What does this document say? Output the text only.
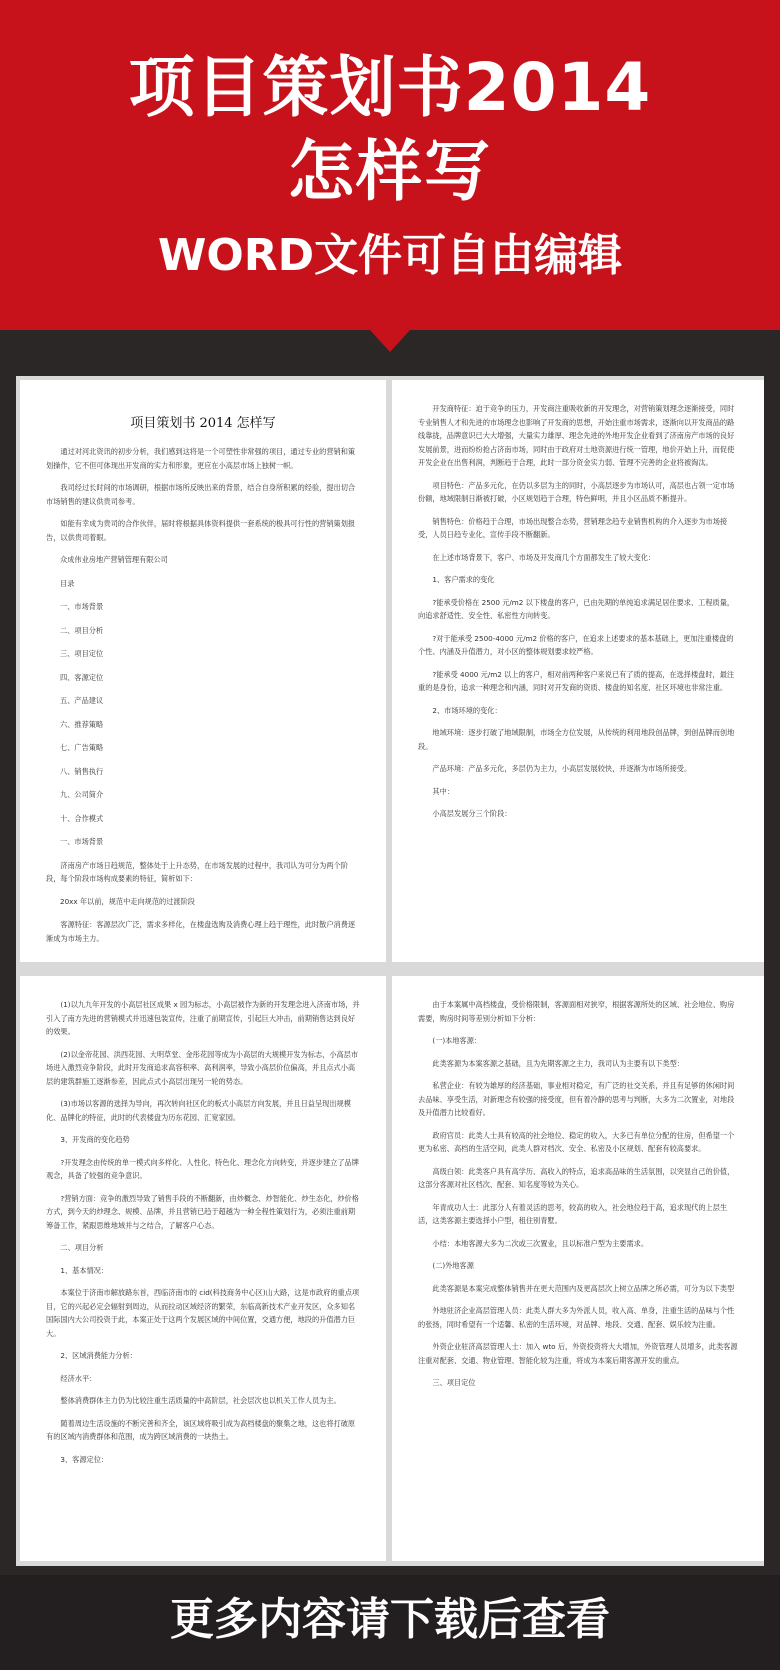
项目策划书2014
怎样写
WORD文件可自由编辑
项目策划书 2014 怎样写

通过对河北资讯的初步分析，我们感到这将是一个可塑性非常强的项目，通过专业的营销和策划操作，它不但可体现出开发商的实力和形象，更应在小高层市场上独树一帜。

我司经过长时间的市场调研，根据市场所反映出来的背景，结合自身所积累的经验，提出切合市场销售的建议供贵司参考。

如能有幸成为贵司的合作伙伴，届时将根据具体资料提供一套系统的极具可行性的营销策划报告，以供贵司着眼。

众成伟业房地产营销管理有限公司
目录
一、市场背景
二、项目分析
三、项目定位
四、客源定位
五、产品建议
六、推荐策略
七、广告策略
八、销售执行
九、公司简介
十、合作模式
一、市场背景

济南房产市场日趋规范，整体处于上升态势，在市场发展的过程中，我司认为可分为两个阶段，每个阶段市场构成要素的特征，简析如下：

20xx 年以前，规范中走向规范的过渡阶段

客源特征：客源层次广泛，需求多样化，在楼盘选购及消费心理上趋于理性，此时散户消费逐渐成为市场主力。

开发商特征：迫于竞争的压力，开发商注重吸收新的开发理念，对营销策划理念逐渐接受，同时专业销售人才和先进的市场理念也影响了开发商的思想，开始注重市场需求，逐渐向以开发商品的路线靠拢，品牌意识已大大增强，大量实力雄厚、理念先进的外地开发企业看到了济南房产市场的良好发展前景，进而纷纷抢占济南市场，同时由于政府对土地资源进行统一管理，地价开始上升，而促使开发企业在出售利润，判断趋于合理，此时一部分资金实力弱、管理不完善的企业将被淘汰。

项目特色：产品多元化，在仍以多层为主的同时，小高层逐步为市场认可，高层也占领一定市场份额，地域限制日渐被打破，小区规划趋于合理，特色鲜明，并且小区品质不断提升。

销售特色：价格趋于合理，市场出现整合态势，营销理念趋专业销售机构的介入逐步为市场接受，人员日趋专业化，宣传手段不断翻新。

在上述市场背景下，客户、市场及开发商几个方面都发生了较大变化：

1、客户需求的变化

?能承受价格在 2500 元/m2 以下楼盘的客户，已由先期的单纯追求满足居住要求、工程质量，向追求舒适性、安全性、私密性方向转变。

?对于能承受 2500-4000 元/m2 价格的客户，在追求上述要求的基本基础上，更加注重楼盘的个性、内涵及升值潜力，对小区的整体规划要求较严格。

?能承受 4000 元/m2 以上的客户，相对前两种客户来说已有了质的提高，在选择楼盘时，最注重的是身份，追求一种理念和内涵，同时对开发商的资质、楼盘的知名度、社区环境也非常注重。

2、市场环境的变化：

地域环境：逐步打破了地域限制，市场全方位发展，从传统的利用地段创品牌，到创品牌而创地段。

产品环境：产品多元化，多层仍为主力，小高层发展较快，并逐渐为市场所接受。

其中：

小高层发展分三个阶段：

(1)以九九年开发的小高层社区成果 x 园为标志，小高层被作为新的开发理念进入济南市场，并引入了南方先进的营销模式并迅速包装宣传，注重了前期宣传，引起巨大冲击，前期销售达到良好的效果。

(2)以金帝花园、洪西花园、大明草堂、金彤花园等成为小高层的大规模开发为标志，小高层市场进入激烈竞争阶段，此时开发商追求高容积率、高利润率，导致小高层价位偏高，并且点式小高层的建筑群施工逐渐参差，因此点式小高层出现另一轮的势态。

(3)市场以客源的选择为导向，再次转向社区化的板式小高层方向发展，并且日益呈现出规模化、品牌化的特征，此时的代表楼盘为历东花园、汇宽家园。

3、开发商的变化趋势

?开发理念由传统的单一模式向多样化、人性化、特色化、理念化方向转变，并逐步建立了品牌观念，具备了较强的竞争意识。

?营销方面：竞争的激烈导致了销售手段的不断翻新，由炒概念、炒智能化、炒生态化，炒价格方式，到今天的炒理念、规模、品牌，并且营销已趋于超越为一种全程性策划行为，必须注重前期筹备工作，紧跟思维地域并与之结合，了解客户心态。

二、项目分析

1、基本情况：

本案位于济南市解放路东首，西临济南市的 cid(科技商务中心区)山大路，这是市政府的重点项目，它的兴起必定会辐射到周边，从而拉动区域经济的繁荣，东临高新技术产业开发区，众多知名国际国内大公司投资于此，本案正处于这两个发展区域的中间位置，交通方便，地段的升值潜力巨大。

2、区域消费能力分析：

经济水平：

整体消费群体主力仍为比较注重生活质量的中高阶层，社会层次也以机关工作人员为主。

随着周边生活设施的不断完善和齐全，该区域将吸引成为高档楼盘的聚集之地，这也将打破原有的区域内消费群体和范围，成为跨区域消费的一块热土。

3、客源定位：

由于本案属中高档楼盘，受价格限制，客源面相对狭窄，根据客源所处的区域、社会地位、购房需要，购房时间等差别分析如下分析：

(一)本地客源：

此类客源为本案客源之基础，且为先期客源之主力，我司认为主要有以下类型：

私营企业：有较为雄厚的经济基础，事业相对稳定，有广泛的社交关系，并且有足够的休闲时间去品味、享受生活，对新理念有较强的接受度，但有着冷静的思考与判断，大多为二次置业，对地段及升值潜力比较看好。

政府官员：此类人士具有较高的社会地位、稳定的收入，大多已有单位分配的住房，但希望一个更为私密、高档的生活空间，此类人群对档次、安全、私密及小区规划、配套有较高要求。

高级白领：此类客户具有高学历、高收入的特点，追求高品味的生活氛围，以突显自己的价值，这部分客源对社区档次、配套、知名度等较为关心。

年青成功人士：此部分人有着灵活的思考，较高的收入，社会地位趋于高，追求现代的上层生活，这类客源主要选择小户型，租住别青墅。

小结：本地客源大多为二次或三次置业，且以标准户型为主要需求。

(二)外地客源

此类客源是本案完成整体销售并在更大范围内及更高层次上树立品牌之所必需，可分为以下类型

外地驻济企业高层管理人员：此类人群大多为外派人员，收入高、单身，注重生活的品味与个性的张扬，同时希望有一个适馨、私密的生活环境，对品牌、地段、交通、配套、娱乐较为注重。

外资企业驻济高层管理人士：加入 wto 后，外资投资将大大增加，外资管理人员增多，此类客源注重对配套、交通、物业管理、智能化较为注重，将成为本案后期客源开发的重点。

三、项目定位

更多内容请下载后查看
